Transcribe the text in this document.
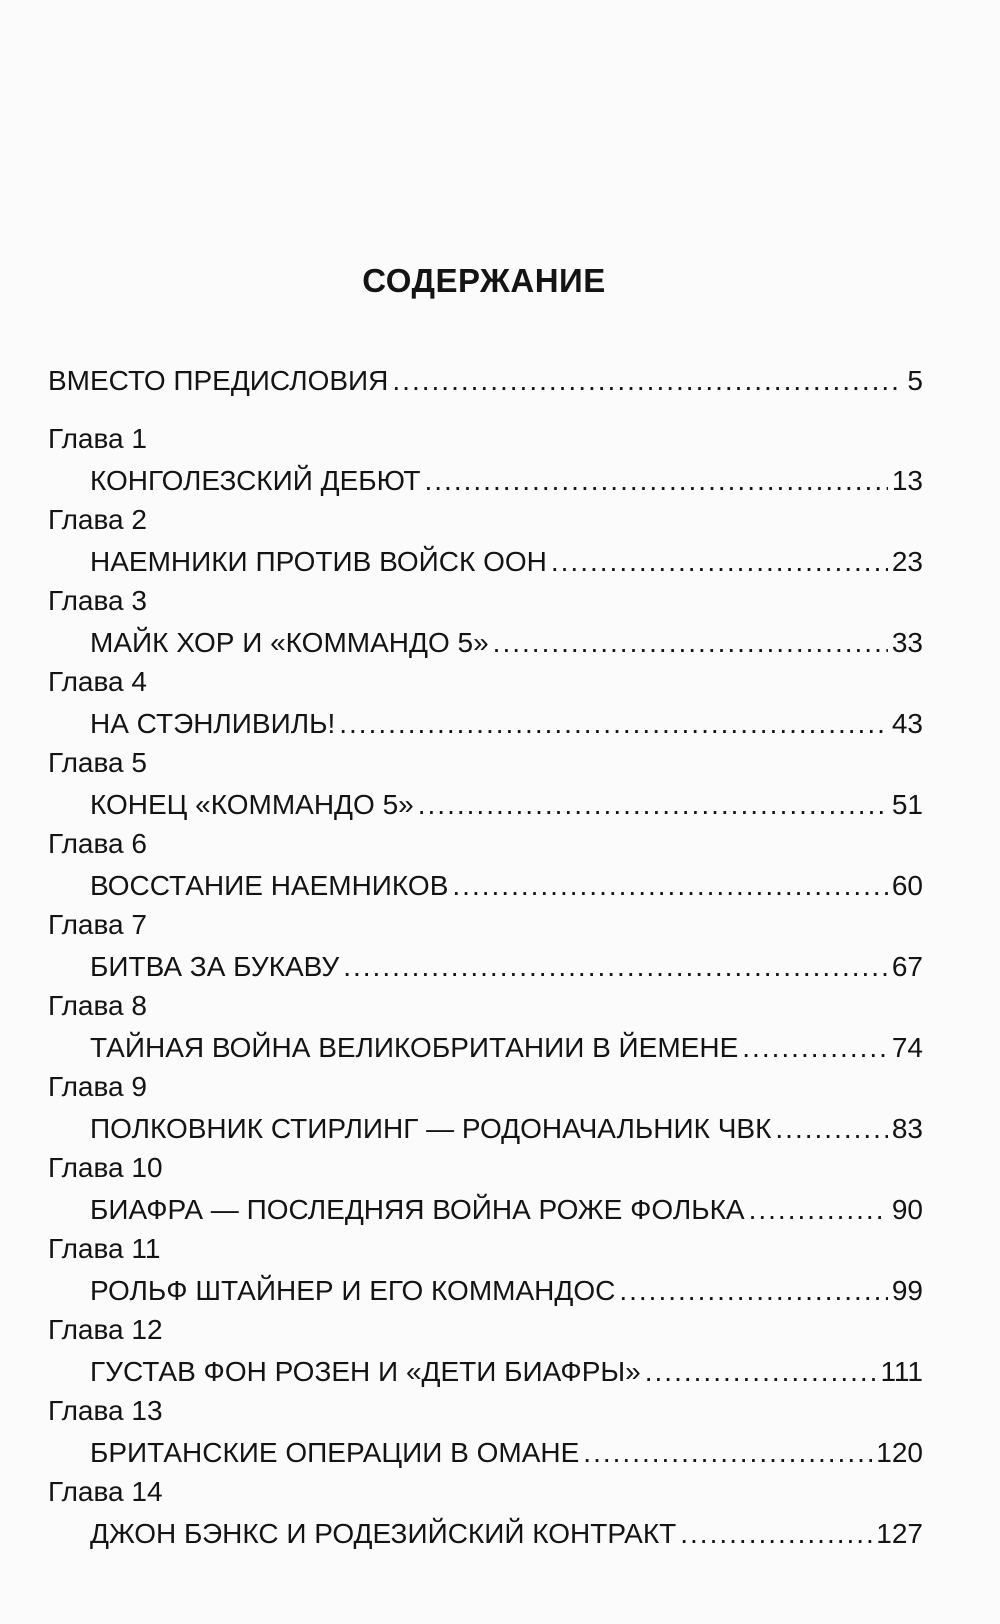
СОДЕРЖАНИЕ
ВМЕСТО ПРЕДИСЛОВИЯ .....	5
Глава 1
КОНГОЛЕЗСКИЙ ДЕБЮТ .....	13
Глава 2
НАЕМНИКИ ПРОТИВ ВОЙСК ООН .....	23
Глава 3
МАЙК ХОР И «КОММАНДО 5» .....	33
Глава 4
НА СТЭНЛИВИЛЬ! .....	43
Глава 5
КОНЕЦ «КОММАНДО 5» .....	51
Глава 6
ВОССТАНИЕ НАЕМНИКОВ .....	60
Глава 7
БИТВА ЗА БУКАВУ .....	67
Глава 8
ТАЙНАЯ ВОЙНА ВЕЛИКОБРИТАНИИ В ЙЕМЕНЕ .....	74
Глава 9
ПОЛКОВНИК СТИРЛИНГ — РОДОНАЧАЛЬНИК ЧВК .....	83
Глава 10
БИАФРА — ПОСЛЕДНЯЯ ВОЙНА РОЖЕ ФОЛЬКА .....	90
Глава 11
РОЛЬФ ШТАЙНЕР И ЕГО КОММАНДОС .....	99
Глава 12
ГУСТАВ ФОН РОЗЕН И «ДЕТИ БИАФРЫ» .....	111
Глава 13
БРИТАНСКИЕ ОПЕРАЦИИ В ОМАНЕ .....	120
Глава 14
ДЖОН БЭНКС И РОДЕЗИЙСКИЙ КОНТРАКТ .....	127
